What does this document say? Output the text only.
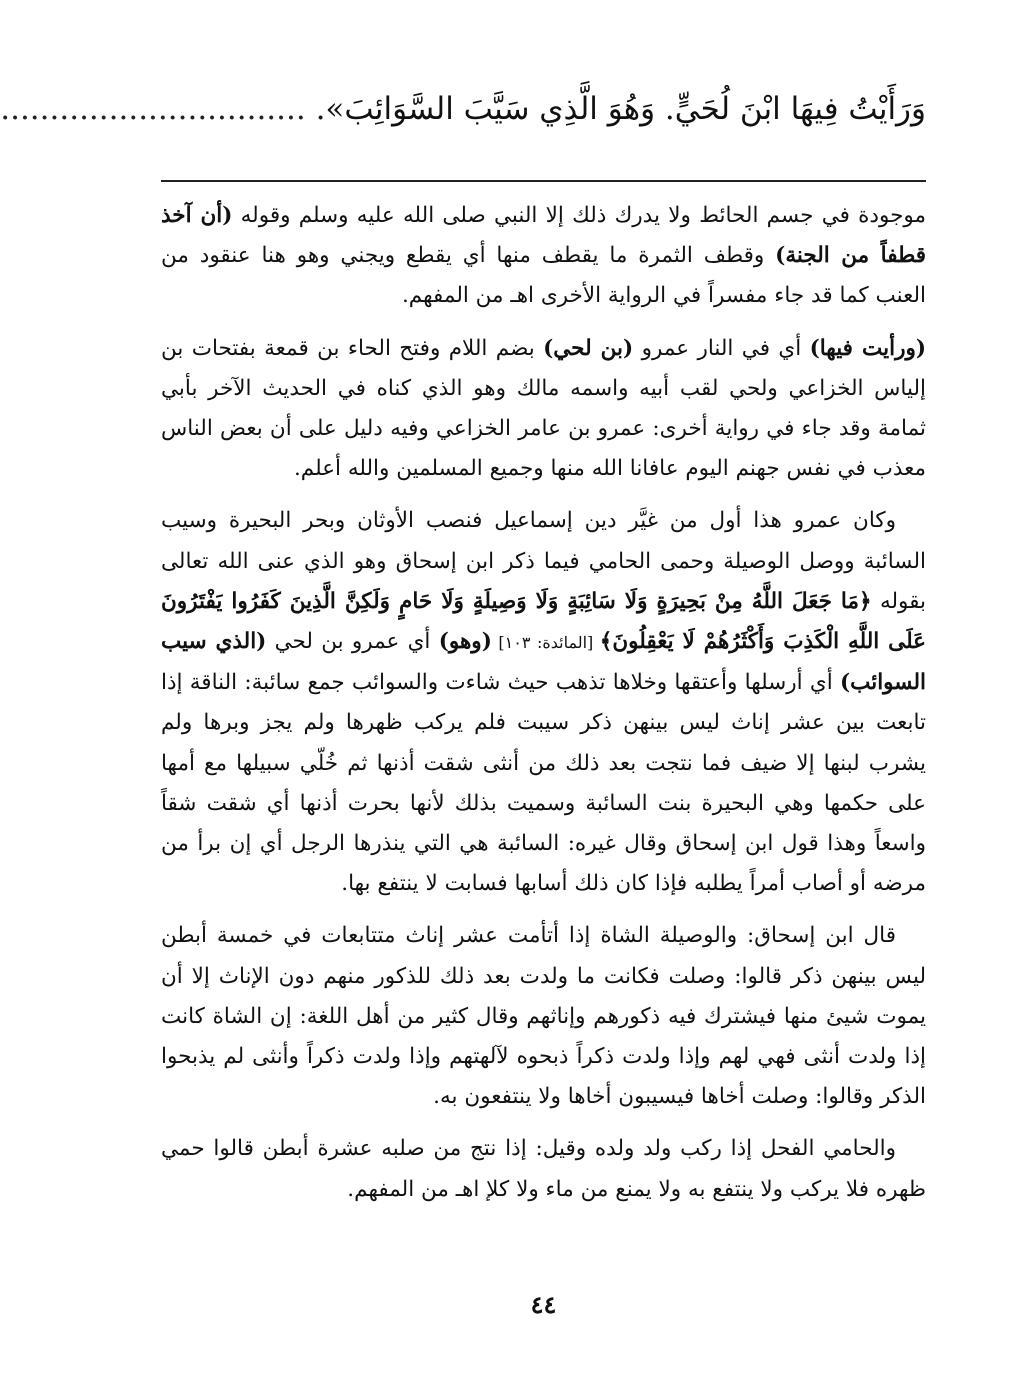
وَرَأَيْتُ فِيهَا ابْنَ لُحَيٍّ. وَهُوَ الَّذِي سَيَّبَ السَّوَائِبَ». ...............................

موجودة في جسم الحائط ولا يدرك ذلك إلا النبي صلى الله عليه وسلم وقوله (أن آخذ قطفاً من الجنة) وقطف الثمرة ما يقطف منها أي يقطع ويجني وهو هنا عنقود من العنب كما قد جاء مفسراً في الرواية الأخرى اهـ من المفهم.

(ورأيت فيها) أي في النار عمرو (بن لحي) بضم اللام وفتح الحاء بن قمعة بفتحات بن إلياس الخزاعي ولحي لقب أبيه واسمه مالك وهو الذي كناه في الحديث الآخر بأبي ثمامة وقد جاء في رواية أخرى: عمرو بن عامر الخزاعي وفيه دليل على أن بعض الناس معذب في نفس جهنم اليوم عافانا الله منها وجميع المسلمين والله أعلم.

وكان عمرو هذا أول من غيَّر دين إسماعيل فنصب الأوثان وبحر البحيرة وسيب السائبة ووصل الوصيلة وحمى الحامي فيما ذكر ابن إسحاق وهو الذي عنى الله تعالى بقوله ﴿مَا جَعَلَ اللَّهُ مِنْ بَحِيرَةٍ وَلَا سَائِبَةٍ وَلَا وَصِيلَةٍ وَلَا حَامٍ وَلَكِنَّ الَّذِينَ كَفَرُوا يَفْتَرُونَ عَلَى اللَّهِ الْكَذِبَ وَأَكْثَرُهُمْ لَا يَعْقِلُونَ﴾ [المائدة: ١٠٣] (وهو) أي عمرو بن لحي (الذي سيب السوائب) أي أرسلها وأعتقها وخلاها تذهب حيث شاءت والسوائب جمع سائبة: الناقة إذا تابعت بين عشر إناث ليس بينهن ذكر سيبت فلم يركب ظهرها ولم يجز وبرها ولم يشرب لبنها إلا ضيف فما نتجت بعد ذلك من أنثى شقت أذنها ثم خُلّي سبيلها مع أمها على حكمها وهي البحيرة بنت السائبة وسميت بذلك لأنها بحرت أذنها أي شقت شقاً واسعاً وهذا قول ابن إسحاق وقال غيره: السائبة هي التي ينذرها الرجل أي إن برأ من مرضه أو أصاب أمراً يطلبه فإذا كان ذلك أسابها فسابت لا ينتفع بها.

قال ابن إسحاق: والوصيلة الشاة إذا أتأمت عشر إناث متتابعات في خمسة أبطن ليس بينهن ذكر قالوا: وصلت فكانت ما ولدت بعد ذلك للذكور منهم دون الإناث إلا أن يموت شيئ منها فيشترك فيه ذكورهم وإناثهم وقال كثير من أهل اللغة: إن الشاة كانت إذا ولدت أنثى فهي لهم وإذا ولدت ذكراً ذبحوه لآلهتهم وإذا ولدت ذكراً وأنثى لم يذبحوا الذكر وقالوا: وصلت أخاها فيسيبون أخاها ولا ينتفعون به.

والحامي الفحل إذا ركب ولد ولده وقيل: إذا نتج من صلبه عشرة أبطن قالوا حمي ظهره فلا يركب ولا ينتفع به ولا يمنع من ماء ولا كلإ اهـ من المفهم.

٤٤
